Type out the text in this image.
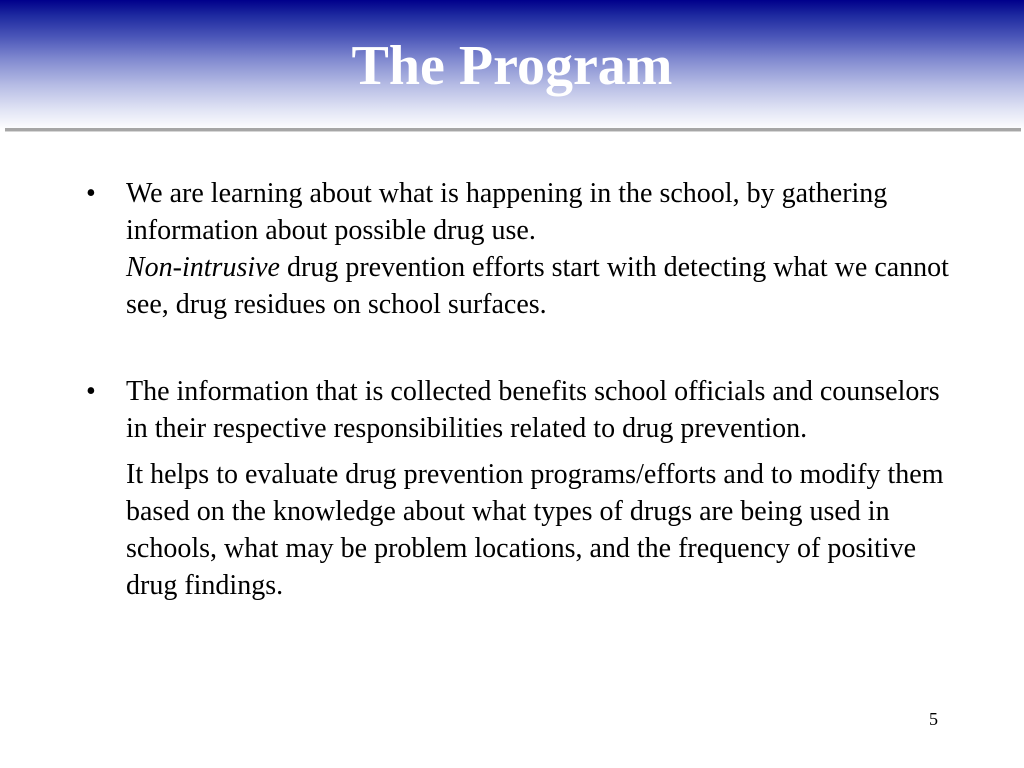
The Program
•	We are learning about what is happening in the school, by gathering information about possible drug use.
Non-intrusive drug prevention efforts start with detecting what we cannot see, drug residues on school surfaces.

•	The information that is collected benefits school officials and counselors in their respective responsibilities related to drug prevention.

It helps to evaluate drug prevention programs/efforts and to modify them based on the knowledge about what types of drugs are being used in schools, what may be problem locations, and the frequency of positive drug findings.

5
